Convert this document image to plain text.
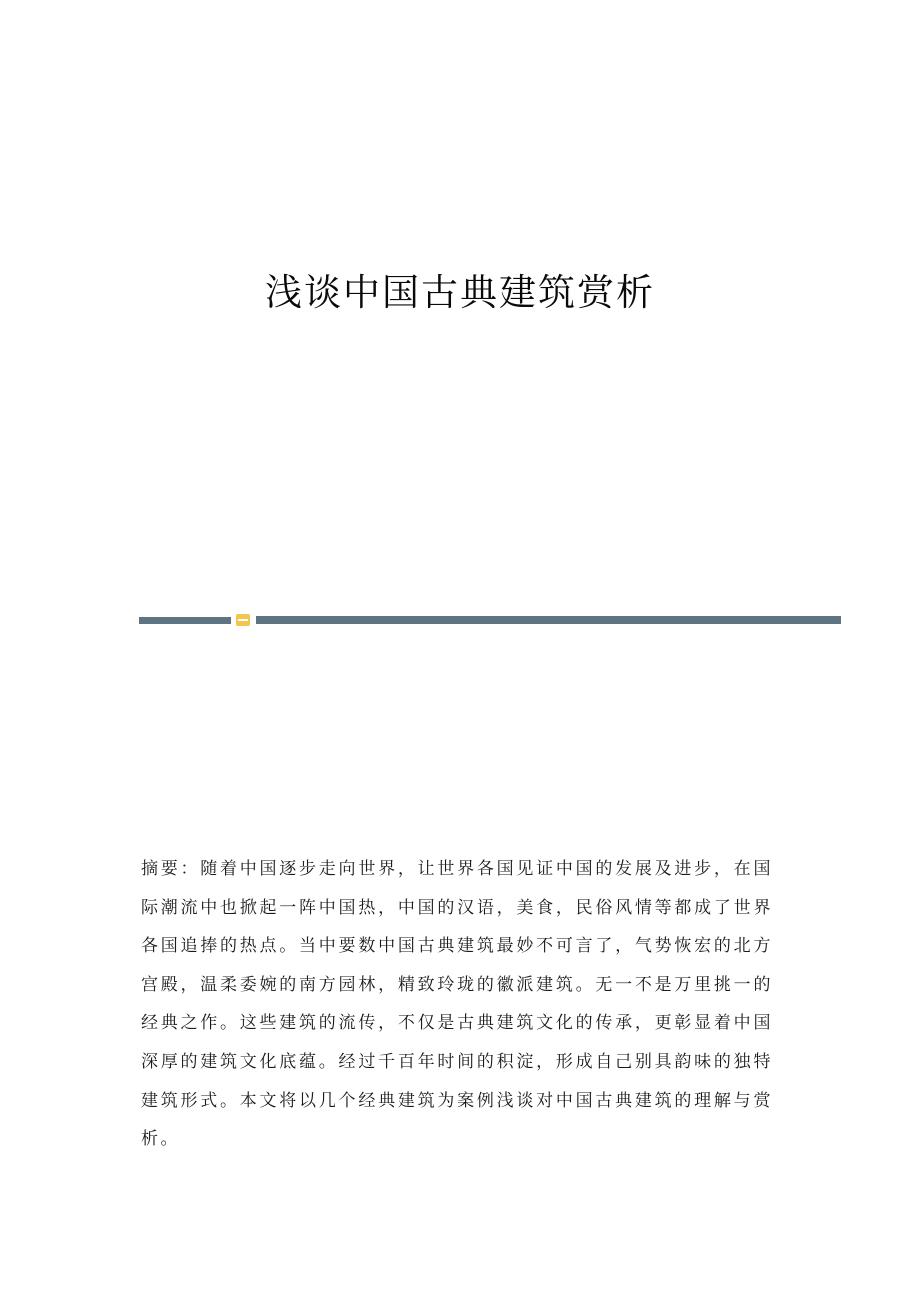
浅谈中国古典建筑赏析
摘要：随着中国逐步走向世界，让世界各国见证中国的发展及进步，在国际潮流中也掀起一阵中国热，中国的汉语，美食，民俗风情等都成了世界各国追捧的热点。当中要数中国古典建筑最妙不可言了，气势恢宏的北方宫殿，温柔委婉的南方园林，精致玲珑的徽派建筑。无一不是万里挑一的经典之作。这些建筑的流传，不仅是古典建筑文化的传承，更彰显着中国深厚的建筑文化底蕴。经过千百年时间的积淀，形成自己别具韵味的独特建筑形式。本文将以几个经典建筑为案例浅谈对中国古典建筑的理解与赏析。
